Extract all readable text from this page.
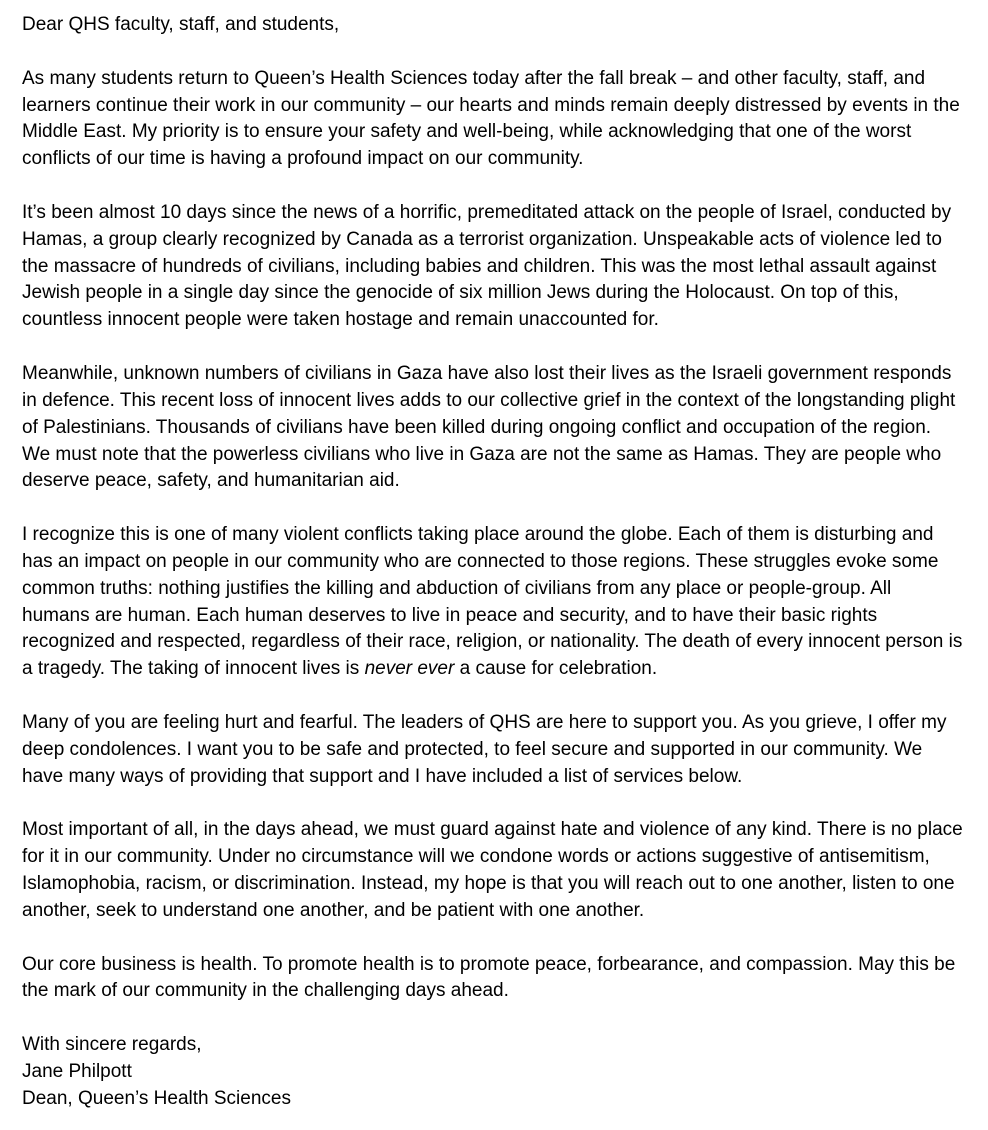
Dear QHS faculty, staff, and students,

As many students return to Queen’s Health Sciences today after the fall break – and other faculty, staff, and learners continue their work in our community – our hearts and minds remain deeply distressed by events in the Middle East. My priority is to ensure your safety and well-being, while acknowledging that one of the worst conflicts of our time is having a profound impact on our community.

It’s been almost 10 days since the news of a horrific, premeditated attack on the people of Israel, conducted by Hamas, a group clearly recognized by Canada as a terrorist organization. Unspeakable acts of violence led to the massacre of hundreds of civilians, including babies and children. This was the most lethal assault against Jewish people in a single day since the genocide of six million Jews during the Holocaust. On top of this, countless innocent people were taken hostage and remain unaccounted for.

Meanwhile, unknown numbers of civilians in Gaza have also lost their lives as the Israeli government responds in defence. This recent loss of innocent lives adds to our collective grief in the context of the longstanding plight of Palestinians. Thousands of civilians have been killed during ongoing conflict and occupation of the region. We must note that the powerless civilians who live in Gaza are not the same as Hamas. They are people who deserve peace, safety, and humanitarian aid.

I recognize this is one of many violent conflicts taking place around the globe. Each of them is disturbing and has an impact on people in our community who are connected to those regions. These struggles evoke some common truths: nothing justifies the killing and abduction of civilians from any place or people-group. All humans are human. Each human deserves to live in peace and security, and to have their basic rights recognized and respected, regardless of their race, religion, or nationality. The death of every innocent person is a tragedy. The taking of innocent lives is never ever a cause for celebration.

Many of you are feeling hurt and fearful. The leaders of QHS are here to support you. As you grieve, I offer my deep condolences. I want you to be safe and protected, to feel secure and supported in our community. We have many ways of providing that support and I have included a list of services below.

Most important of all, in the days ahead, we must guard against hate and violence of any kind. There is no place for it in our community. Under no circumstance will we condone words or actions suggestive of antisemitism, Islamophobia, racism, or discrimination. Instead, my hope is that you will reach out to one another, listen to one another, seek to understand one another, and be patient with one another.

Our core business is health. To promote health is to promote peace, forbearance, and compassion. May this be the mark of our community in the challenging days ahead.

With sincere regards,

Jane Philpott

Dean, Queen’s Health Sciences
